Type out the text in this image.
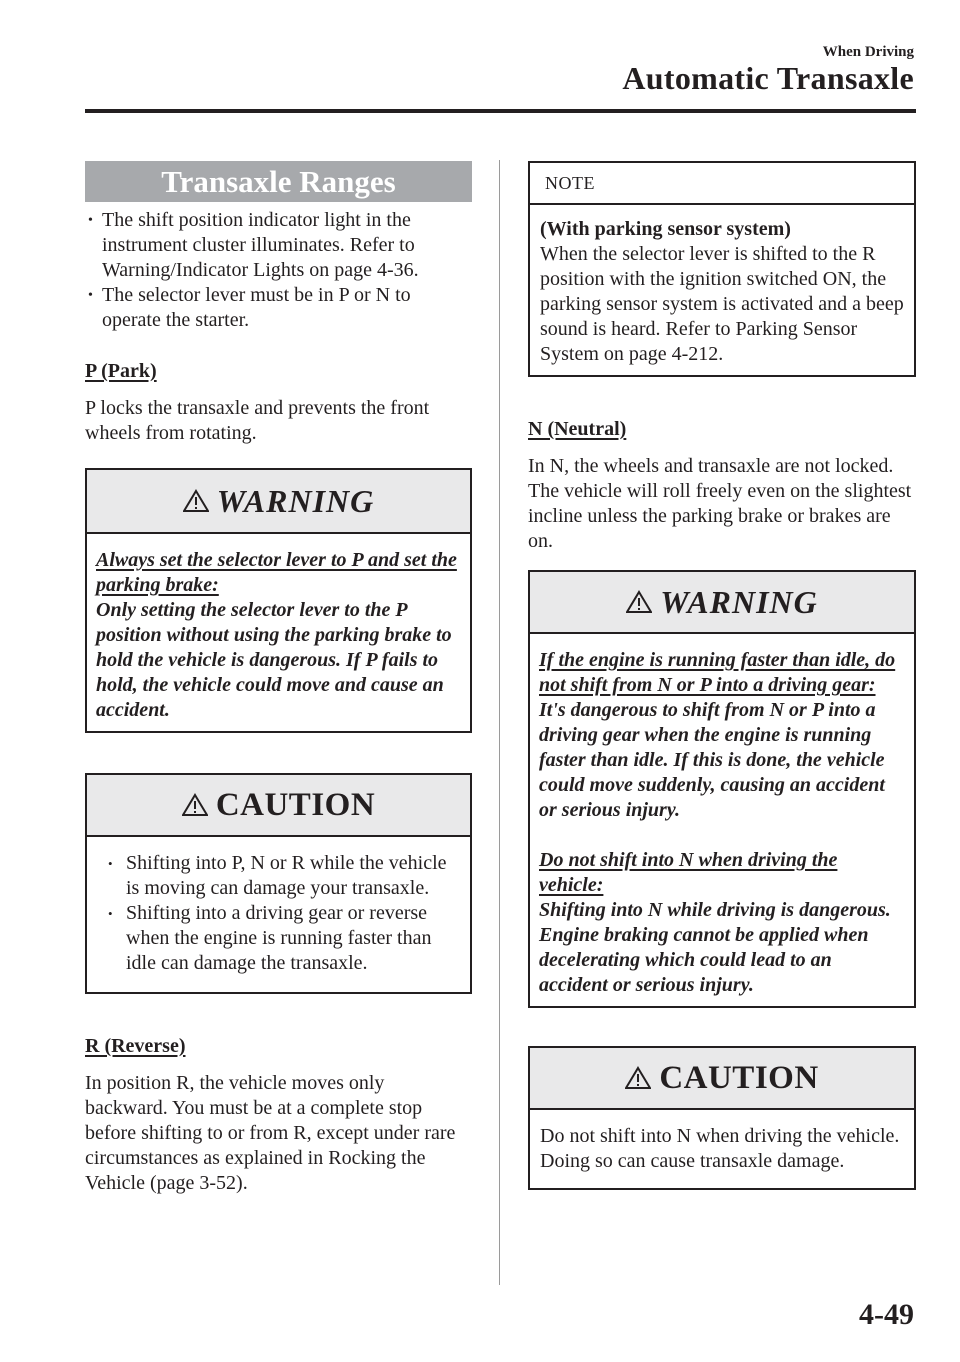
When Driving
Automatic Transaxle
Transaxle Ranges
• The shift position indicator light in the instrument cluster illuminates. Refer to Warning/Indicator Lights on page 4-36.
• The selector lever must be in P or N to operate the starter.
P (Park)

P locks the transaxle and prevents the front wheels from rotating.

WARNING

Always set the selector lever to P and set the parking brake:

Only setting the selector lever to the P position without using the parking brake to hold the vehicle is dangerous. If P fails to hold, the vehicle could move and cause an accident.

CAUTION
• Shifting into P, N or R while the vehicle is moving can damage your transaxle.
• Shifting into a driving gear or reverse when the engine is running faster than idle can damage the transaxle.
R (Reverse)

In position R, the vehicle moves only backward. You must be at a complete stop before shifting to or from R, except under rare circumstances as explained in Rocking the Vehicle (page 3-52).

NOTE

(With parking sensor system)

When the selector lever is shifted to the R position with the ignition switched ON, the parking sensor system is activated and a beep sound is heard. Refer to Parking Sensor System on page 4-212.

N (Neutral)

In N, the wheels and transaxle are not locked. The vehicle will roll freely even on the slightest incline unless the parking brake or brakes are on.

WARNING

If the engine is running faster than idle, do not shift from N or P into a driving gear:

It's dangerous to shift from N or P into a driving gear when the engine is running faster than idle. If this is done, the vehicle could move suddenly, causing an accident or serious injury.

Do not shift into N when driving the vehicle:

Shifting into N while driving is dangerous. Engine braking cannot be applied when decelerating which could lead to an accident or serious injury.

CAUTION

Do not shift into N when driving the vehicle. Doing so can cause transaxle damage.

4-49
